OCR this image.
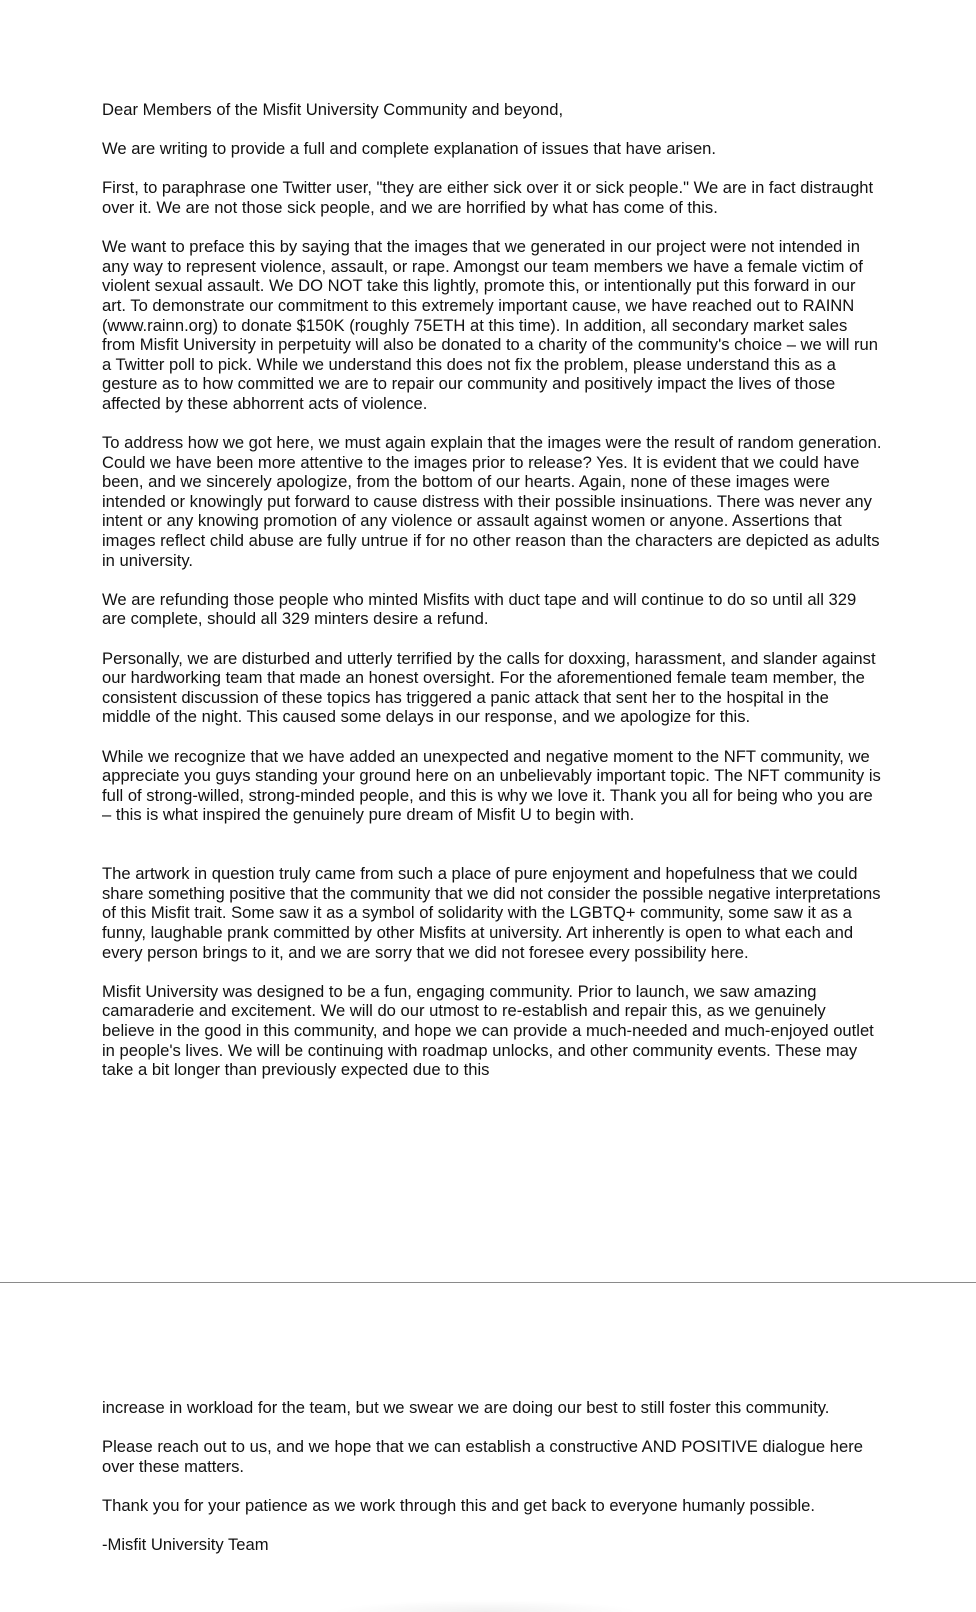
Dear Members of the Misfit University Community and beyond,

We are writing to provide a full and complete explanation of issues that have arisen.

First, to paraphrase one Twitter user, "they are either sick over it or sick people." We are in fact distraught over it. We are not those sick people, and we are horrified by what has come of this.

We want to preface this by saying that the images that we generated in our project were not intended in any way to represent violence, assault, or rape. Amongst our team members we have a female victim of violent sexual assault. We DO NOT take this lightly, promote this, or intentionally put this forward in our art. To demonstrate our commitment to this extremely important cause, we have reached out to RAINN (www.rainn.org) to donate $150K (roughly 75ETH at this time). In addition, all secondary market sales from Misfit University in perpetuity will also be donated to a charity of the community's choice – we will run a Twitter poll to pick. While we understand this does not fix the problem, please understand this as a gesture as to how committed we are to repair our community and positively impact the lives of those affected by these abhorrent acts of violence.

To address how we got here, we must again explain that the images were the result of random generation. Could we have been more attentive to the images prior to release? Yes. It is evident that we could have been, and we sincerely apologize, from the bottom of our hearts. Again, none of these images were intended or knowingly put forward to cause distress with their possible insinuations. There was never any intent or any knowing promotion of any violence or assault against women or anyone. Assertions that images reflect child abuse are fully untrue if for no other reason than the characters are depicted as adults in university.

We are refunding those people who minted Misfits with duct tape and will continue to do so until all 329 are complete, should all 329 minters desire a refund.

Personally, we are disturbed and utterly terrified by the calls for doxxing, harassment, and slander against our hardworking team that made an honest oversight. For the aforementioned female team member, the consistent discussion of these topics has triggered a panic attack that sent her to the hospital in the middle of the night. This caused some delays in our response, and we apologize for this.

While we recognize that we have added an unexpected and negative moment to the NFT community, we appreciate you guys standing your ground here on an unbelievably important topic. The NFT community is full of strong-willed, strong-minded people, and this is why we love it. Thank you all for being who you are – this is what inspired the genuinely pure dream of Misfit U to begin with.

The artwork in question truly came from such a place of pure enjoyment and hopefulness that we could share something positive that the community that we did not consider the possible negative interpretations of this Misfit trait. Some saw it as a symbol of solidarity with the LGBTQ+ community, some saw it as a funny, laughable prank committed by other Misfits at university. Art inherently is open to what each and every person brings to it, and we are sorry that we did not foresee every possibility here.

Misfit University was designed to be a fun, engaging community. Prior to launch, we saw amazing camaraderie and excitement. We will do our utmost to re-establish and repair this, as we genuinely believe in the good in this community, and hope we can provide a much-needed and much-enjoyed outlet in people's lives. We will be continuing with roadmap unlocks, and other community events. These may take a bit longer than previously expected due to this

increase in workload for the team, but we swear we are doing our best to still foster this community.

Please reach out to us, and we hope that we can establish a constructive AND POSITIVE dialogue here over these matters.

Thank you for your patience as we work through this and get back to everyone humanly possible.

-Misfit University Team
